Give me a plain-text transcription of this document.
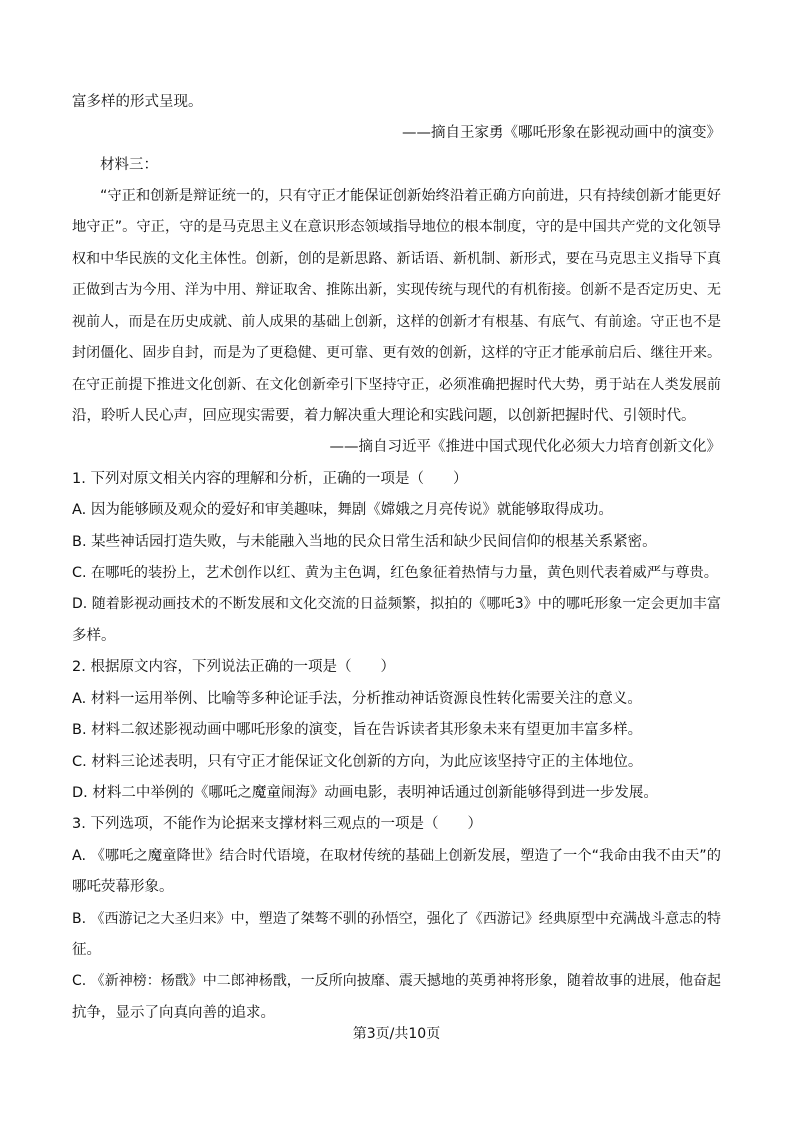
富多样的形式呈现。

——摘自王家勇《哪吒形象在影视动画中的演变》

材料三：

“守正和创新是辩证统一的，只有守正才能保证创新始终沿着正确方向前进，只有持续创新才能更好

地守正”。守正，守的是马克思主义在意识形态领域指导地位的根本制度，守的是中国共产党的文化领导

权和中华民族的文化主体性。创新，创的是新思路、新话语、新机制、新形式，要在马克思主义指导下真

正做到古为今用、洋为中用、辩证取舍、推陈出新，实现传统与现代的有机衔接。创新不是否定历史、无

视前人，而是在历史成就、前人成果的基础上创新，这样的创新才有根基、有底气、有前途。守正也不是

封闭僵化、固步自封，而是为了更稳健、更可靠、更有效的创新，这样的守正才能承前启后、继往开来。

在守正前提下推进文化创新、在文化创新牵引下坚持守正，必须准确把握时代大势，勇于站在人类发展前

沿，聆听人民心声，回应现实需要，着力解决重大理论和实践问题，以创新把握时代、引领时代。

——摘自习近平《推进中国式现代化必须大力培育创新文化》

1. 下列对原文相关内容的理解和分析，正确的一项是（　　）

A. 因为能够顾及观众的爱好和审美趣味，舞剧《嫦娥之月亮传说》就能够取得成功。

B. 某些神话园打造失败，与未能融入当地的民众日常生活和缺少民间信仰的根基关系紧密。

C. 在哪吒的装扮上，艺术创作以红、黄为主色调，红色象征着热情与力量，黄色则代表着威严与尊贵。

D. 随着影视动画技术的不断发展和文化交流的日益频繁，拟拍的《哪吒3》中的哪吒形象一定会更加丰富

多样。

2. 根据原文内容，下列说法正确的一项是（　　）

A. 材料一运用举例、比喻等多种论证手法，分析推动神话资源良性转化需要关注的意义。

B. 材料二叙述影视动画中哪吒形象的演变，旨在告诉读者其形象未来有望更加丰富多样。

C. 材料三论述表明，只有守正才能保证文化创新的方向，为此应该坚持守正的主体地位。

D. 材料二中举例的《哪吒之魔童闹海》动画电影，表明神话通过创新能够得到进一步发展。

3. 下列选项，不能作为论据来支撑材料三观点的一项是（　　）

A. 《哪吒之魔童降世》结合时代语境，在取材传统的基础上创新发展，塑造了一个“我命由我不由天”的

哪吒荧幕形象。

B. 《西游记之大圣归来》中，塑造了桀骜不驯的孙悟空，强化了《西游记》经典原型中充满战斗意志的特

征。

C. 《新神榜：杨戬》中二郎神杨戬，一反所向披靡、震天撼地的英勇神将形象，随着故事的进展，他奋起

抗争，显示了向真向善的追求。

第3页/共10页
